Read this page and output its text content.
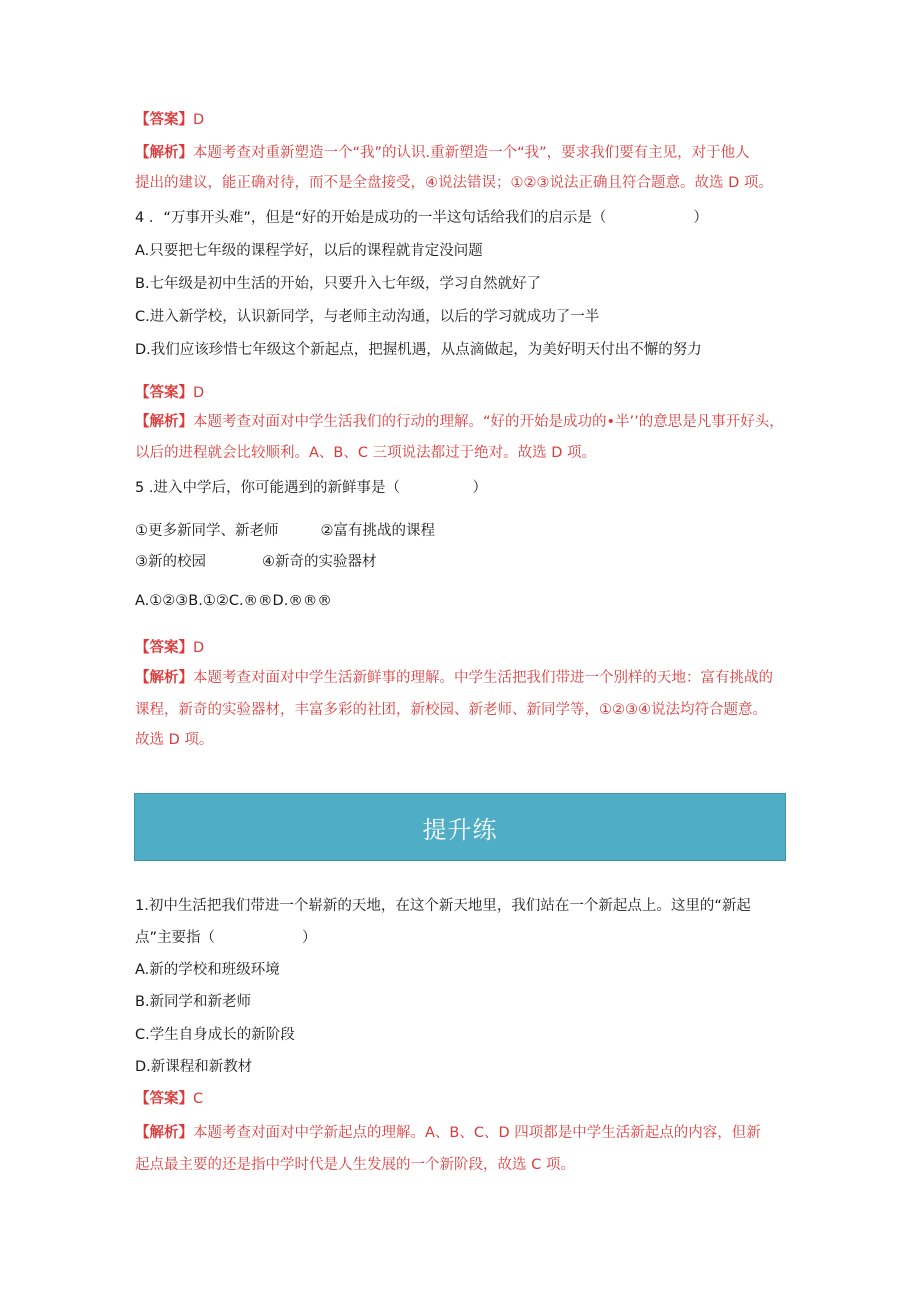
【答案】D
【解析】本题考查对重新塑造一个“我”的认识.重新塑造一个“我”，要求我们要有主见，对于他人
提出的建议，能正确对待，而不是全盘接受，④说法错误；①②③说法正确且符合题意。故选 D 项。
4 ．“万事开头难”，但是“好的开始是成功的一半这句话给我们的启示是（　　　　　　）
A.只要把七年级的课程学好，以后的课程就肯定没问题
B.七年级是初中生活的开始，只要升入七年级，学习自然就好了
C.进入新学校，认识新同学，与老师主动沟通，以后的学习就成功了一半
D.我们应该珍惜七年级这个新起点，把握机遇，从点滴做起，为美好明天付出不懈的努力
【答案】D
【解析】本题考查对面对中学生活我们的行动的理解。“好的开始是成功的•半’’的意思是凡事开好头，
以后的进程就会比较顺利。A、B、C 三项说法都过于绝对。故选 D 项。
5 .进入中学后，你可能遇到的新鲜事是（　　　　　）
①更多新同学、新老师	②富有挑战的课程
③新的校园	④新奇的实验器材
A.①②③B.①②C.®®D.®®®
【答案】D
【解析】本题考查对面对中学生活新鲜事的理解。中学生活把我们带进一个别样的天地：富有挑战的
课程，新奇的实验器材，丰富多彩的社团，新校园、新老师、新同学等，①②③④说法均符合题意。
故选 D 项。
提升练
1.初中生活把我们带进一个崭新的天地，在这个新天地里，我们站在一个新起点上。这里的“新起
点”主要指（　　　　　　）
A.新的学校和班级环境
B.新同学和新老师
C.学生自身成长的新阶段
D.新课程和新教材
【答案】C
【解析】本题考查对面对中学新起点的理解。A、B、C、D 四项都是中学生活新起点的内容，但新
起点最主要的还是指中学时代是人生发展的一个新阶段，故选 C 项。
